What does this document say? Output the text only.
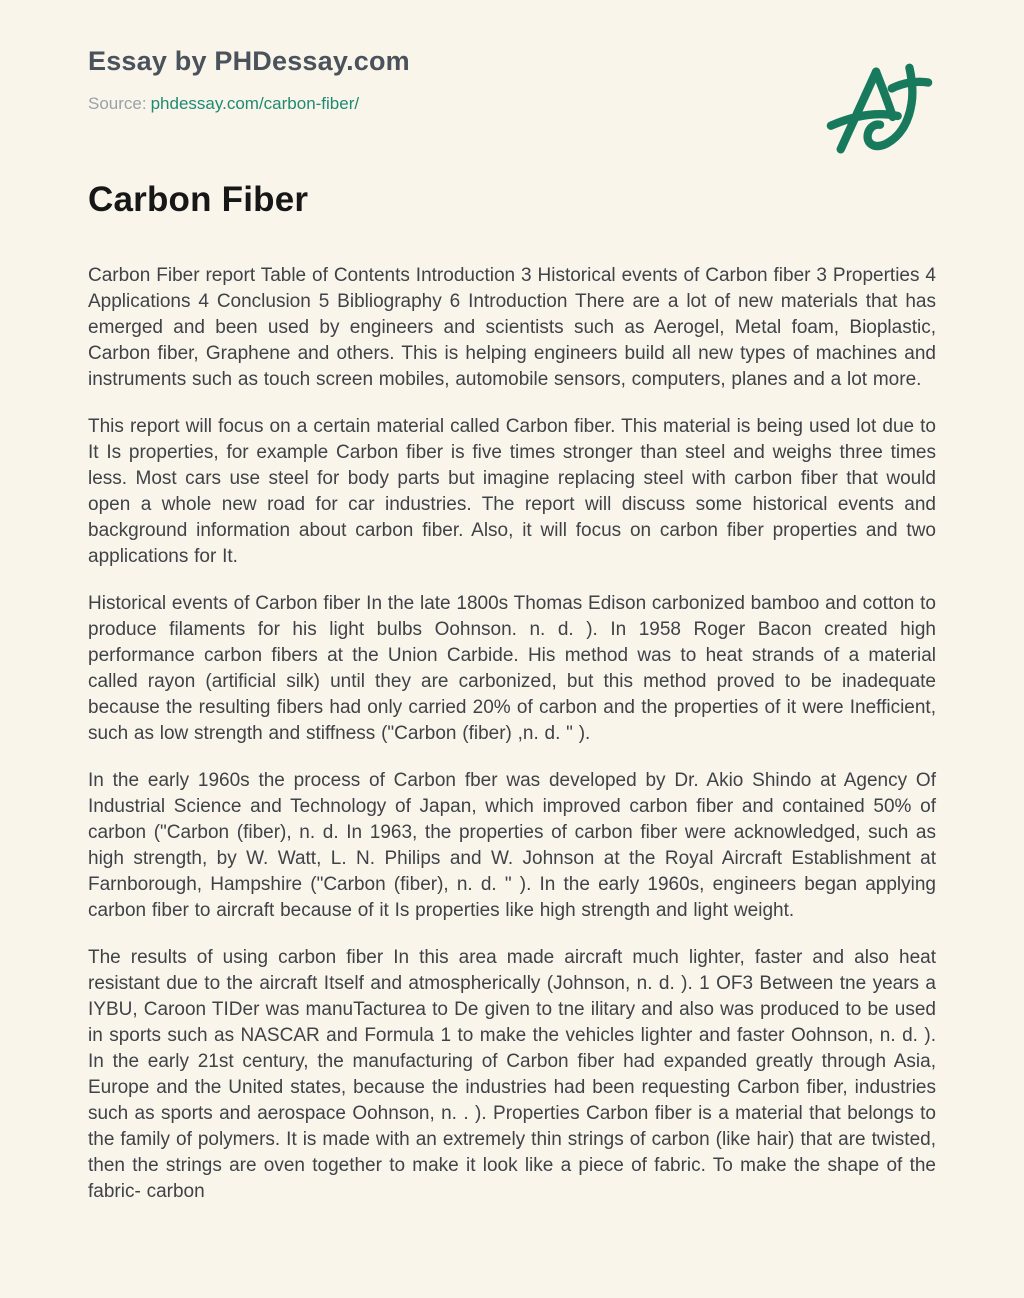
Essay by PHDessay.com
Source: phdessay.com/carbon-fiber/
Carbon Fiber

Carbon Fiber report Table of Contents Introduction 3 Historical events of Carbon fiber 3 Properties 4 Applications 4 Conclusion 5 Bibliography 6 Introduction There are a lot of new materials that has emerged and been used by engineers and scientists such as Aerogel, Metal foam, Bioplastic, Carbon fiber, Graphene and others. This is helping engineers build all new types of machines and instruments such as touch screen mobiles, automobile sensors, computers, planes and a lot more.

This report will focus on a certain material called Carbon fiber. This material is being used lot due to It Is properties, for example Carbon fiber is five times stronger than steel and weighs three times less. Most cars use steel for body parts but imagine replacing steel with carbon fiber that would open a whole new road for car industries. The report will discuss some historical events and background information about carbon fiber. Also, it will focus on carbon fiber properties and two applications for It.

Historical events of Carbon fiber In the late 1800s Thomas Edison carbonized bamboo and cotton to produce filaments for his light bulbs Oohnson. n. d. ). In 1958 Roger Bacon created high performance carbon fibers at the Union Carbide. His method was to heat strands of a material called rayon (artificial silk) until they are carbonized, but this method proved to be inadequate because the resulting fibers had only carried 20% of carbon and the properties of it were Inefficient, such as low strength and stiffness ("Carbon (fiber) ,n. d. " ).

In the early 1960s the process of Carbon fber was developed by Dr. Akio Shindo at Agency Of Industrial Science and Technology of Japan, which improved carbon fiber and contained 50% of carbon ("Carbon (fiber), n. d. In 1963, the properties of carbon fiber were acknowledged, such as high strength, by W. Watt, L. N. Philips and W. Johnson at the Royal Aircraft Establishment at Farnborough, Hampshire ("Carbon (fiber), n. d. " ). In the early 1960s, engineers began applying carbon fiber to aircraft because of it Is properties like high strength and light weight.

The results of using carbon fiber In this area made aircraft much lighter, faster and also heat resistant due to the aircraft Itself and atmospherically (Johnson, n. d. ). 1 OF3 Between tne years a IYBU, Caroon TIDer was manuTacturea to De given to tne ilitary and also was produced to be used in sports such as NASCAR and Formula 1 to make the vehicles lighter and faster Oohnson, n. d. ). In the early 21st century, the manufacturing of Carbon fiber had expanded greatly through Asia, Europe and the United states, because the industries had been requesting Carbon fiber, industries such as sports and aerospace Oohnson, n. . ). Properties Carbon fiber is a material that belongs to the family of polymers. It is made with an extremely thin strings of carbon (like hair) that are twisted, then the strings are oven together to make it look like a piece of fabric. To make the shape of the fabric- carbon
